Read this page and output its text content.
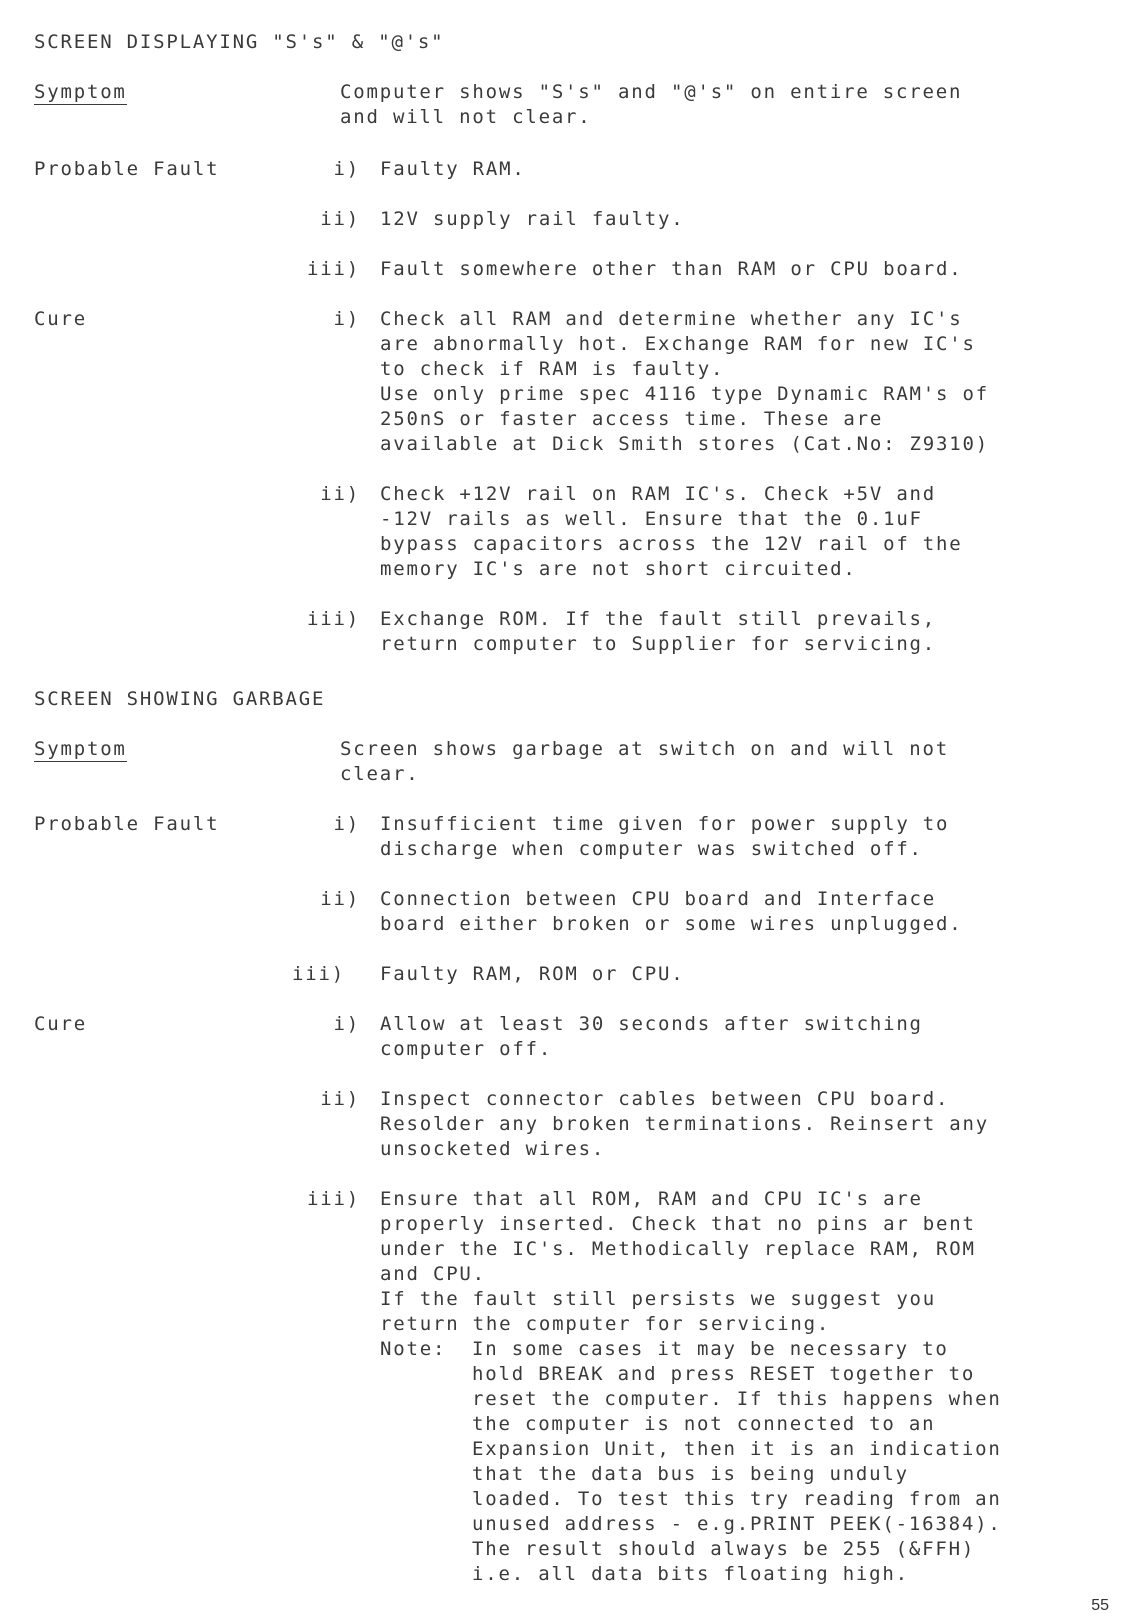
SCREEN DISPLAYING "S's" & "@'s"
Symptom	Computer shows "S's" and "@'s" on entire screen
and will not clear.
Probable Fault	i) Faulty RAM.
ii) 12V supply rail faulty.
iii) Fault somewhere other than RAM or CPU board.
Cure	i) Check all RAM and determine whether any IC's
are abnormally hot. Exchange RAM for new IC's
to check if RAM is faulty.
Use only prime spec 4116 type Dynamic RAM's of
250nS or faster access time. These are
available at Dick Smith stores (Cat.No: Z9310)
ii) Check +12V rail on RAM IC's. Check +5V and
-12V rails as well. Ensure that the 0.1uF
bypass capacitors across the 12V rail of the
memory IC's are not short circuited.
iii) Exchange ROM. If the fault still prevails,
return computer to Supplier for servicing.
SCREEN SHOWING GARBAGE
Symptom	Screen shows garbage at switch on and will not
clear.
Probable Fault	i) Insufficient time given for power supply to
discharge when computer was switched off.
ii) Connection between CPU board and Interface
board either broken or some wires unplugged.
iii) Faulty RAM, ROM or CPU.
Cure	i) Allow at least 30 seconds after switching
computer off.
ii) Inspect connector cables between CPU board.
Resolder any broken terminations. Reinsert any
unsocketed wires.
iii) Ensure that all ROM, RAM and CPU IC's are
properly inserted. Check that no pins ar bent
under the IC's. Methodically replace RAM, ROM
and CPU.
If the fault still persists we suggest you
return the computer for servicing.
Note: In some cases it may be necessary to
hold BREAK and press RESET together to
reset the computer. If this happens when
the computer is not connected to an
Expansion Unit, then it is an indication
that the data bus is being unduly
loaded. To test this try reading from an
unused address - e.g.PRINT PEEK(-16384).
The result should always be 255 (&FFH)
i.e. all data bits floating high.
55
